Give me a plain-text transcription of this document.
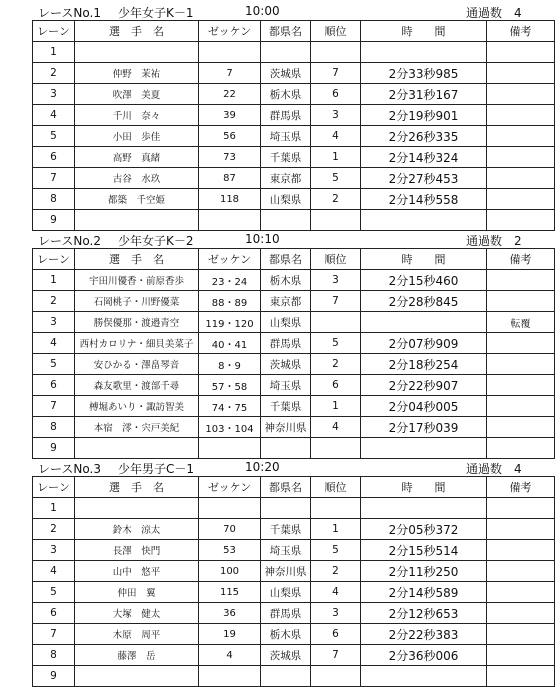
レースNo.1 少年女子K－1	10:00	通過数　4
レーン	選　手　名	ゼッケン	都県名	順位	時　　間	備考
1						
2	仲野　茉祐	7	茨城県	7	2分33秒985	
3	吹澤　美夏	22	栃木県	6	2分31秒167	
4	千川　奈々	39	群馬県	3	2分19秒901	
5	小田　歩佳	56	埼玉県	4	2分26秒335	
6	高野　真緒	73	千葉県	1	2分14秒324	
7	古谷　水玖	87	東京都	5	2分27秒453	
8	都築　千空姫	118	山梨県	2	2分14秒558	
9						
レースNo.2 少年女子K－2	10:10	通過数　2
レーン	選　手　名	ゼッケン	都県名	順位	時　　間	備考
1	宇田川優香・前原香歩	23・24	栃木県	3	2分15秒460	
2	石岡桃子・川野優菜	88・89	東京都	7	2分28秒845	
3	勝俣優那・渡邉青空	119・120	山梨県			転覆
4	西村カロリナ・細貝美菜子	40・41	群馬県	5	2分07秒909	
5	安ひかる・澤畠琴音	8・9	茨城県	2	2分18秒254	
6	森友歌里・渡部千尋	57・58	埼玉県	6	2分22秒907	
7	榑堀あいり・諏訪智美	74・75	千葉県	1	2分04秒005	
8	本宿　澪・宍戸美紀	103・104	神奈川県	4	2分17秒039	
9						
レースNo.3 少年男子C－1	10:20	通過数　4
レーン	選　手　名	ゼッケン	都県名	順位	時　　間	備考
1						
2	鈴木　涼太	70	千葉県	1	2分05秒372	
3	長澤　快門	53	埼玉県	5	2分15秒514	
4	山中　悠平	100	神奈川県	2	2分11秒250	
5	仲田　翼	115	山梨県	4	2分14秒589	
6	大塚　健太	36	群馬県	3	2分12秒653	
7	木原　周平	19	栃木県	6	2分22秒383	
8	藤澤　岳	4	茨城県	7	2分36秒006	
9						
